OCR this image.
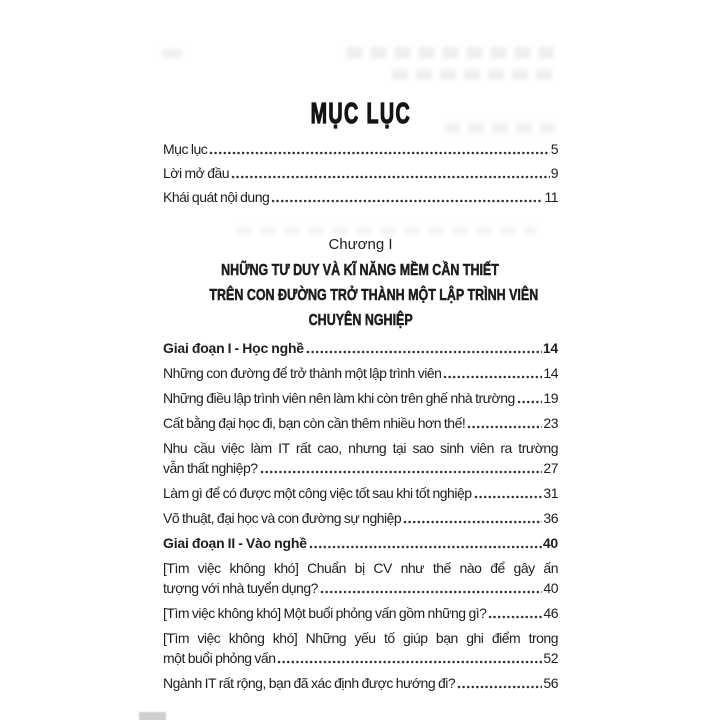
MỤC LỤC
Mục lục	5
Lời mở đầu	9
Khái quát nội dung	11
Chương I
NHỮNG TƯ DUY VÀ KĨ NĂNG MỀM CẦN THIẾT
TRÊN CON ĐƯỜNG TRỞ THÀNH MỘT LẬP TRÌNH VIÊN
CHUYÊN NGHIỆP
Giai đoạn I - Học nghề	14
Những con đường để trở thành một lập trình viên	14
Những điều lập trình viên nên làm khi còn trên ghế nhà trường 19
Cất bằng đại học đi, bạn còn cần thêm nhiều hơn thế!	23
Nhu cầu việc làm IT rất cao, nhưng tại sao sinh viên ra trường
vẫn thất nghiệp?	27
Làm gì để có được một công việc tốt sau khi tốt nghiệp	31
Võ thuật, đại học và con đường sự nghiệp	36
Giai đoạn II - Vào nghề	40
[Tìm việc không khó] Chuẩn bị CV như thế nào để gây ấn
tượng với nhà tuyển dụng?	40
[Tìm việc không khó] Một buổi phỏng vấn gồm những gì?	46
[Tìm việc không khó] Những yếu tố giúp bạn ghi điểm trong
một buổi phỏng vấn	52
Ngành IT rất rộng, bạn đã xác định được hướng đi?	56
